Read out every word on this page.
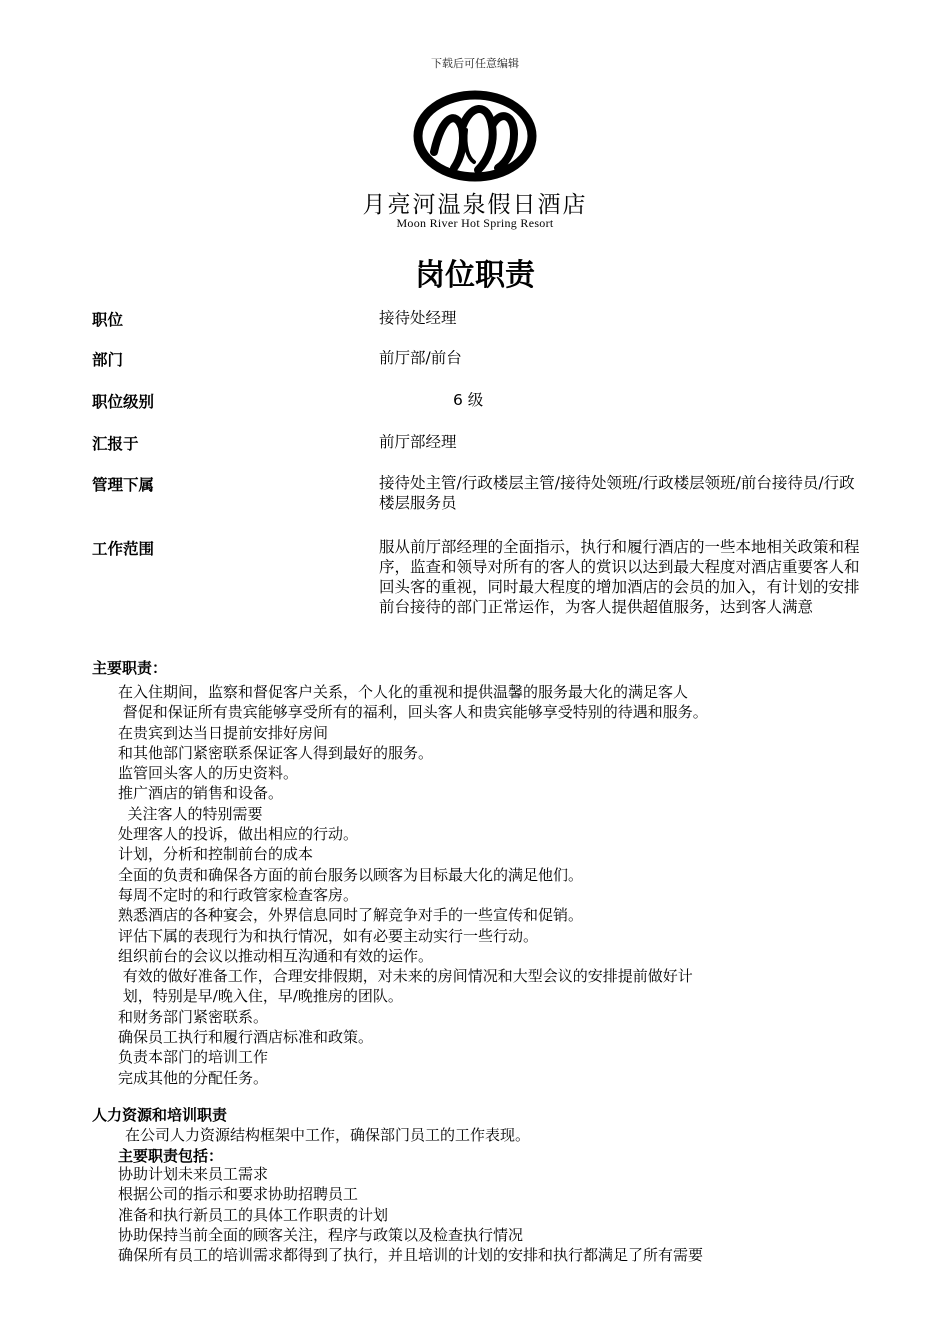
下载后可任意编辑
月亮河温泉假日酒店
Moon River Hot Spring Resort
岗位职责
职位	接待处经理
部门	前厅部/前台
职位级别	6 级
汇报于	前厅部经理
管理下属	接待处主管/行政楼层主管/接待处领班/行政楼层领班/前台接待员/行政楼层服务员
工作范围	服从前厅部经理的全面指示，执行和履行酒店的一些本地相关政策和程序，监查和领导对所有的客人的赏识以达到最大程度对酒店重要客人和回头客的重视，同时最大程度的增加酒店的会员的加入，有计划的安排前台接待的部门正常运作，为客人提供超值服务，达到客人满意
主要职责：
在入住期间，监察和督促客户关系，个人化的重视和提供温馨的服务最大化的满足客人
督促和保证所有贵宾能够享受所有的福利，回头客人和贵宾能够享受特别的待遇和服务。
在贵宾到达当日提前安排好房间
和其他部门紧密联系保证客人得到最好的服务。
监管回头客人的历史资料。
推广酒店的销售和设备。
关注客人的特别需要
处理客人的投诉，做出相应的行动。
计划，分析和控制前台的成本
全面的负责和确保各方面的前台服务以顾客为目标最大化的满足他们。
每周不定时的和行政管家检查客房。
熟悉酒店的各种宴会，外界信息同时了解竞争对手的一些宣传和促销。
评估下属的表现行为和执行情况，如有必要主动实行一些行动。
组织前台的会议以推动相互沟通和有效的运作。
有效的做好准备工作，合理安排假期，对未来的房间情况和大型会议的安排提前做好计
划，特别是早/晚入住，早/晚推房的团队。
和财务部门紧密联系。
确保员工执行和履行酒店标准和政策。
负责本部门的培训工作
完成其他的分配任务。
人力资源和培训职责
在公司人力资源结构框架中工作，确保部门员工的工作表现。
主要职责包括：
协助计划未来员工需求
根据公司的指示和要求协助招聘员工
准备和执行新员工的具体工作职责的计划
协助保持当前全面的顾客关注，程序与政策以及检查执行情况
确保所有员工的培训需求都得到了执行，并且培训的计划的安排和执行都满足了所有需要
